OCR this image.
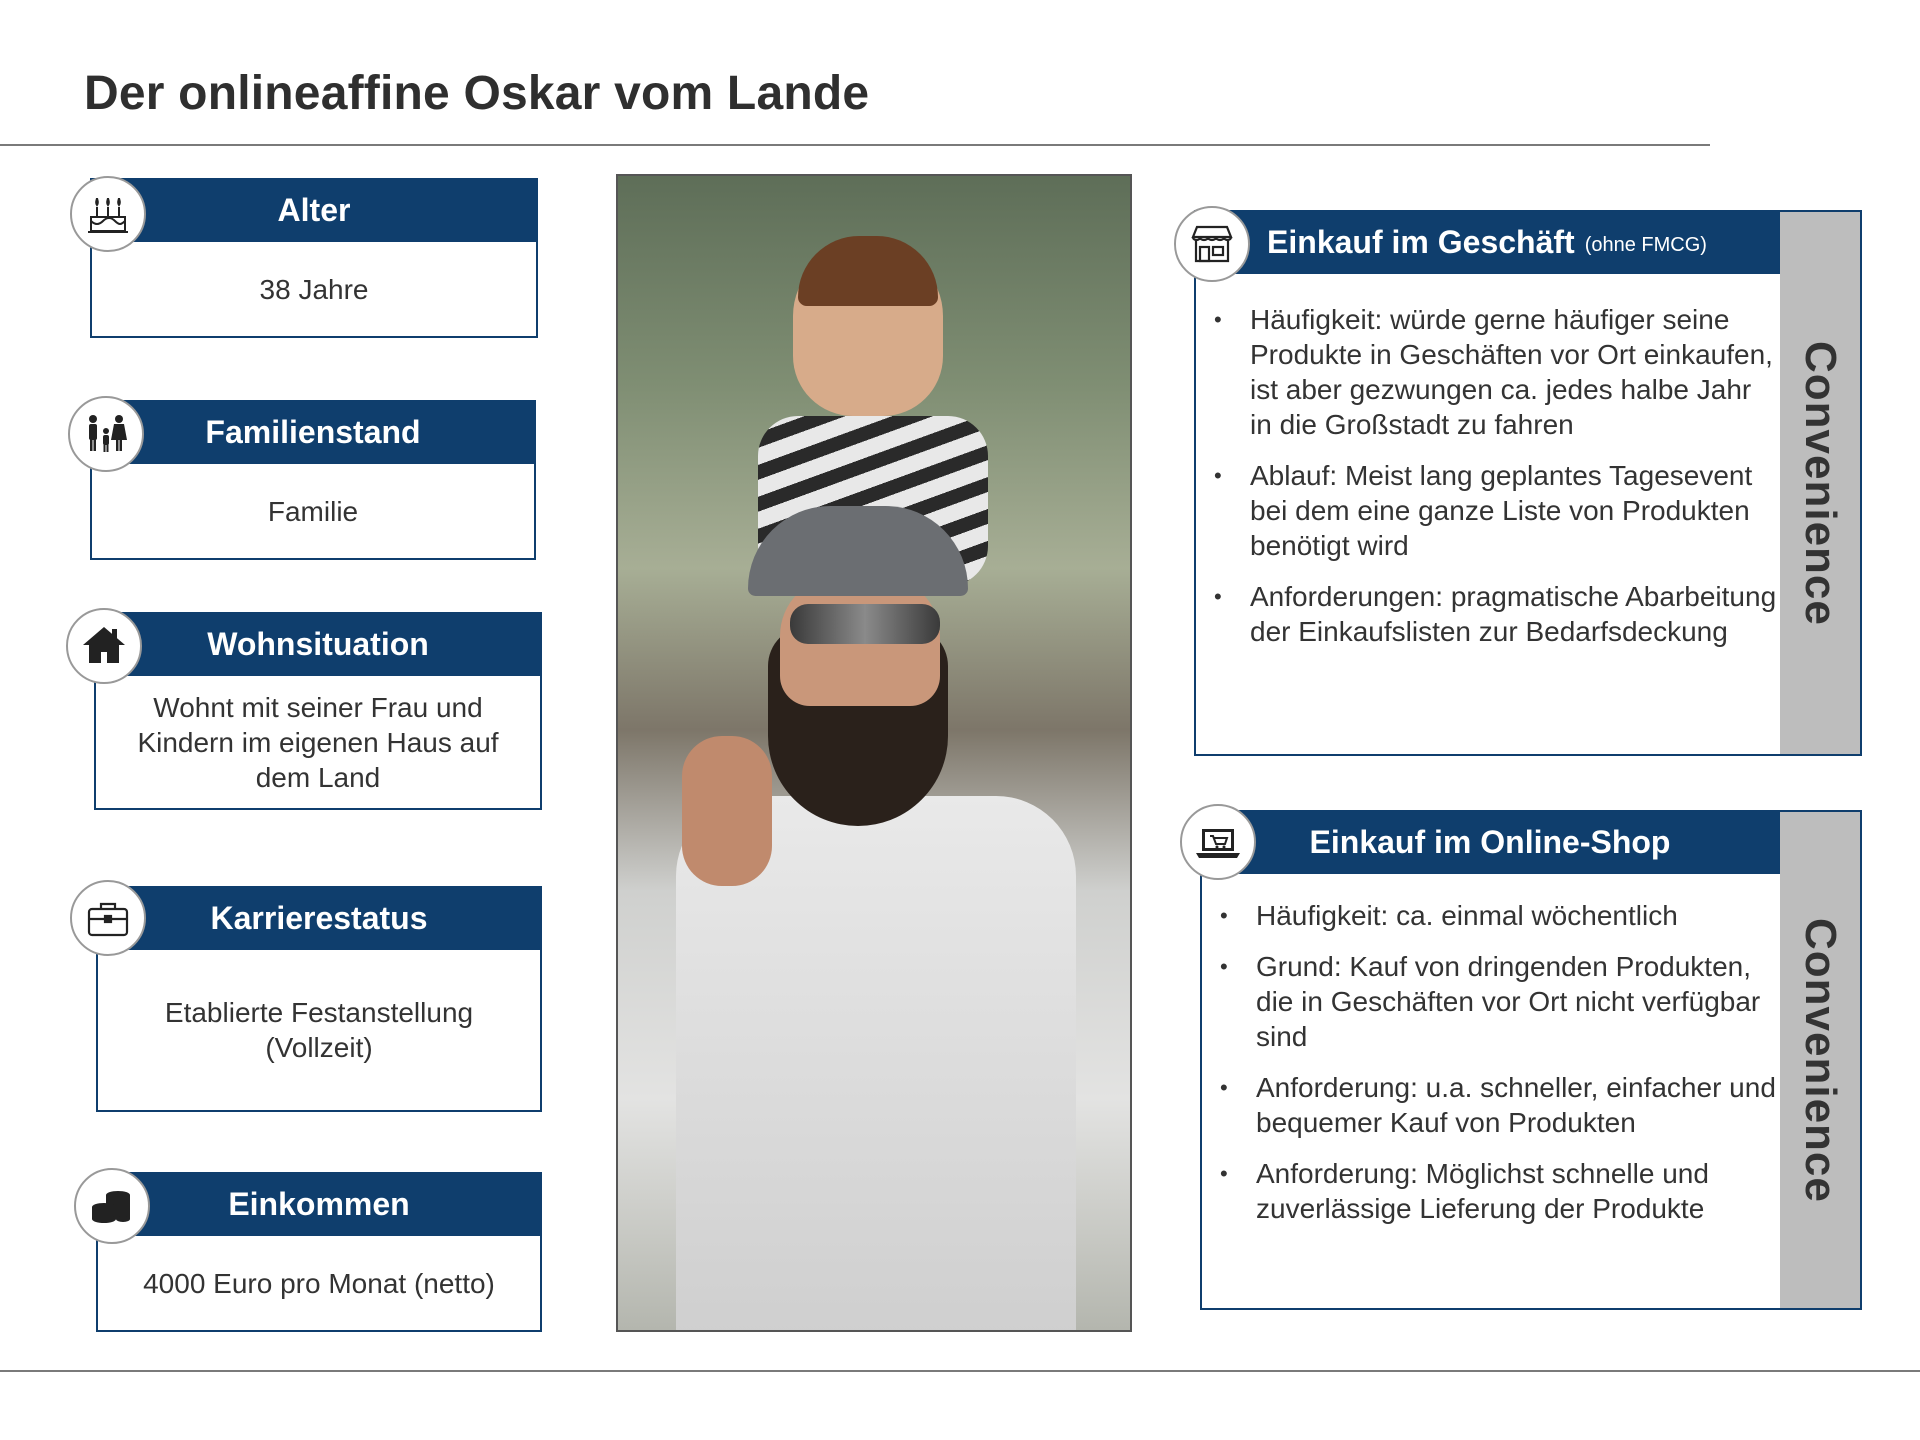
Der onlineaffine Oskar vom Lande
Alter
38 Jahre
Familienstand
Familie
Wohnsituation
Wohnt mit seiner Frau und Kindern im eigenen Haus auf dem Land
Karrierestatus
Etablierte Festanstellung (Vollzeit)
Einkommen
4000 Euro pro Monat (netto)
Einkauf im Geschäft (ohne FMCG)
Convenience
• Häufigkeit: würde gerne häufiger seine Produkte in Geschäften vor Ort einkaufen, ist aber gezwungen ca. jedes halbe Jahr in die Großstadt zu fahren
• Ablauf: Meist lang geplantes Tagesevent bei dem eine ganze Liste von Produkten benötigt wird
• Anforderungen: pragmatische Abarbeitung der Einkaufslisten zur Bedarfsdeckung
Einkauf im Online-Shop
Convenience
• Häufigkeit: ca. einmal wöchentlich
• Grund: Kauf von dringenden Produkten, die in Geschäften vor Ort nicht verfügbar sind
• Anforderung: u.a. schneller, einfacher und bequemer Kauf von Produkten
• Anforderung: Möglichst schnelle und zuverlässige Lieferung der Produkte
